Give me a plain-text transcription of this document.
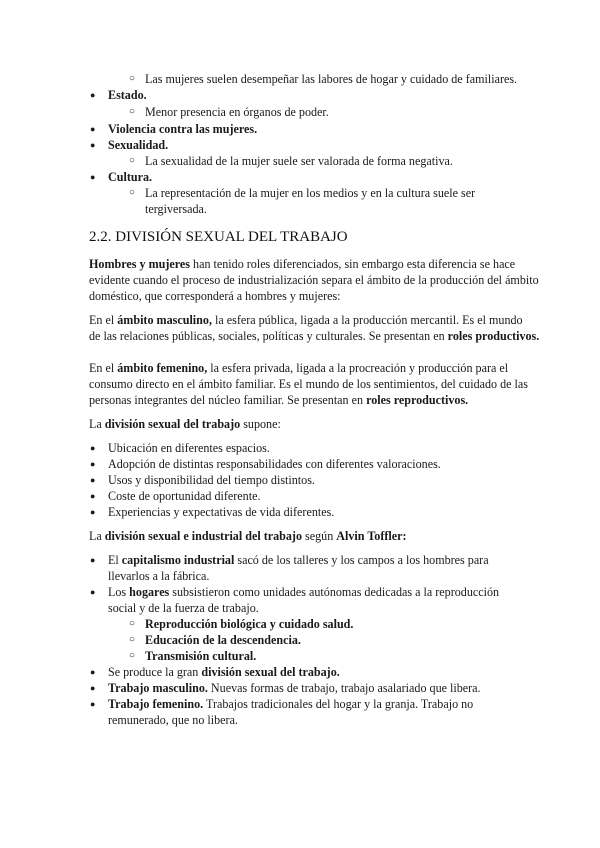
Las mujeres suelen desempeñar las labores de hogar y cuidado de familiares.
Estado.
Menor presencia en órganos de poder.
Violencia contra las mujeres.
Sexualidad.
La sexualidad de la mujer suele ser valorada de forma negativa.
Cultura.
La representación de la mujer en los medios y en la cultura suele ser
tergiversada.
2.2. DIVISIÓN SEXUAL DEL TRABAJO
Hombres y mujeres han tenido roles diferenciados, sin embargo esta diferencia se hace
evidente cuando el proceso de industrialización separa el ámbito de la producción del ámbito
doméstico, que corresponderá a hombres y mujeres:
En el ámbito masculino, la esfera pública, ligada a la producción mercantil. Es el mundo
de las relaciones públicas, sociales, políticas y culturales. Se presentan en roles productivos.
En el ámbito femenino, la esfera privada, ligada a la procreación y producción para el
consumo directo en el ámbito familiar. Es el mundo de los sentimientos, del cuidado de las
personas integrantes del núcleo familiar. Se presentan en roles reproductivos.
La división sexual del trabajo supone:
Ubicación en diferentes espacios.
Adopción de distintas responsabilidades con diferentes valoraciones.
Usos y disponibilidad del tiempo distintos.
Coste de oportunidad diferente.
Experiencias y expectativas de vida diferentes.
La división sexual e industrial del trabajo según Alvin Toffler:
El capitalismo industrial sacó de los talleres y los campos a los hombres para
llevarlos a la fábrica.
Los hogares subsistieron como unidades autónomas dedicadas a la reproducción
social y de la fuerza de trabajo.
Reproducción biológica y cuidado salud.
Educación de la descendencia.
Transmisión cultural.
Se produce la gran división sexual del trabajo.
Trabajo masculino. Nuevas formas de trabajo, trabajo asalariado que libera.
Trabajo femenino. Trabajos tradicionales del hogar y la granja. Trabajo no
remunerado, que no libera.
○
●
○
●
●
○
●
○
●
●
●
●
●
●
●
○
○
○
●
●
●
